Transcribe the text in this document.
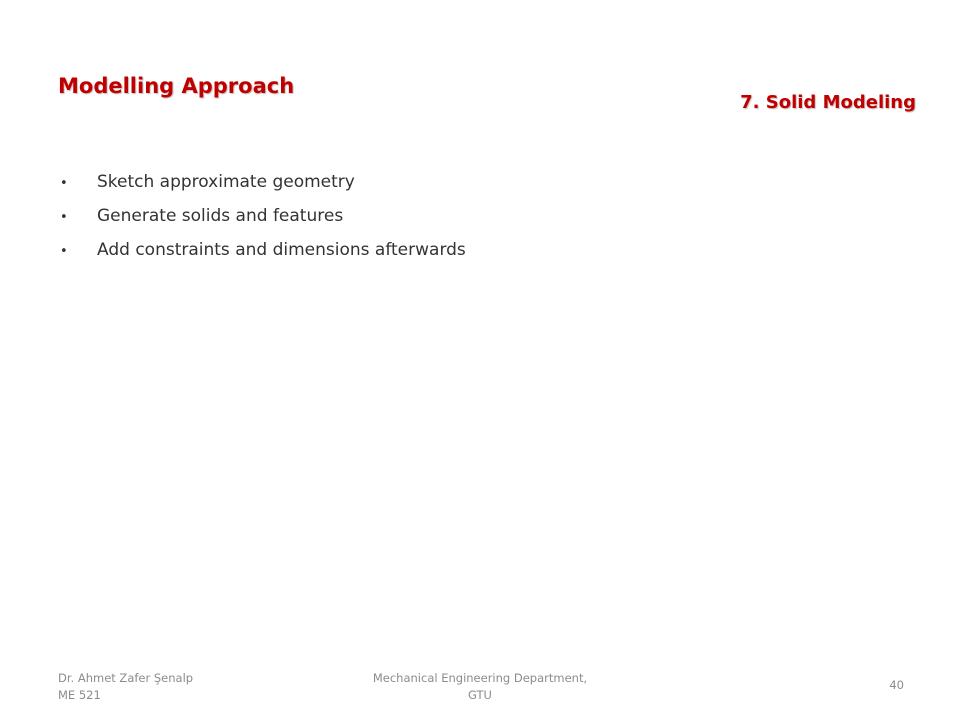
Modelling Approach
7. Solid Modeling
•	Sketch approximate geometry
•	Generate solids and features
•	Add constraints and dimensions afterwards
Dr. Ahmet Zafer Şenalp
ME 521
Mechanical Engineering Department,
GTU
40
